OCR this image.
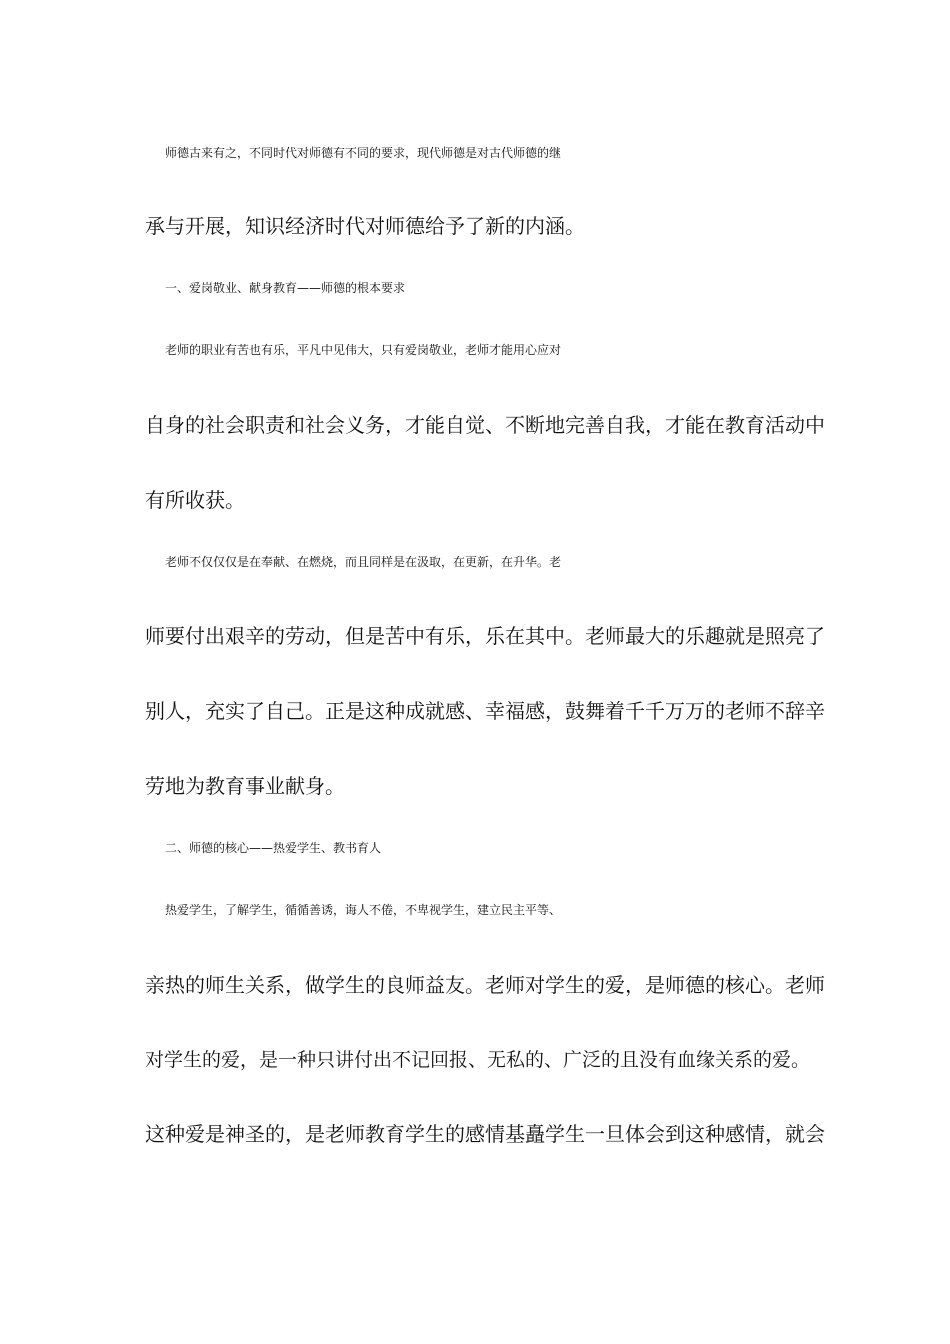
师德古来有之，不同时代对师德有不同的要求，现代师德是对古代师德的继
承与开展，知识经济时代对师德给予了新的内涵。
一、爱岗敬业、献身教育——师德的根本要求
老师的职业有苦也有乐，平凡中见伟大，只有爱岗敬业，老师才能用心应对
自身的社会职责和社会义务，才能自觉、不断地完善自我，才能在教育活动中
有所收获。
老师不仅仅仅是在奉献、在燃烧，而且同样是在汲取，在更新，在升华。老
师要付出艰辛的劳动，但是苦中有乐，乐在其中。老师最大的乐趣就是照亮了
别人，充实了自己。正是这种成就感、幸福感，鼓舞着千千万万的老师不辞辛
劳地为教育事业献身。
二、师德的核心——热爱学生、教书育人
热爱学生，了解学生，循循善诱，诲人不倦，不卑视学生，建立民主平等、
亲热的师生关系，做学生的良师益友。老师对学生的爱，是师德的核心。老师
对学生的爱，是一种只讲付出不记回报、无私的、广泛的且没有血缘关系的爱。
这种爱是神圣的，是老师教育学生的感情基矗学生一旦体会到这种感情，就会
